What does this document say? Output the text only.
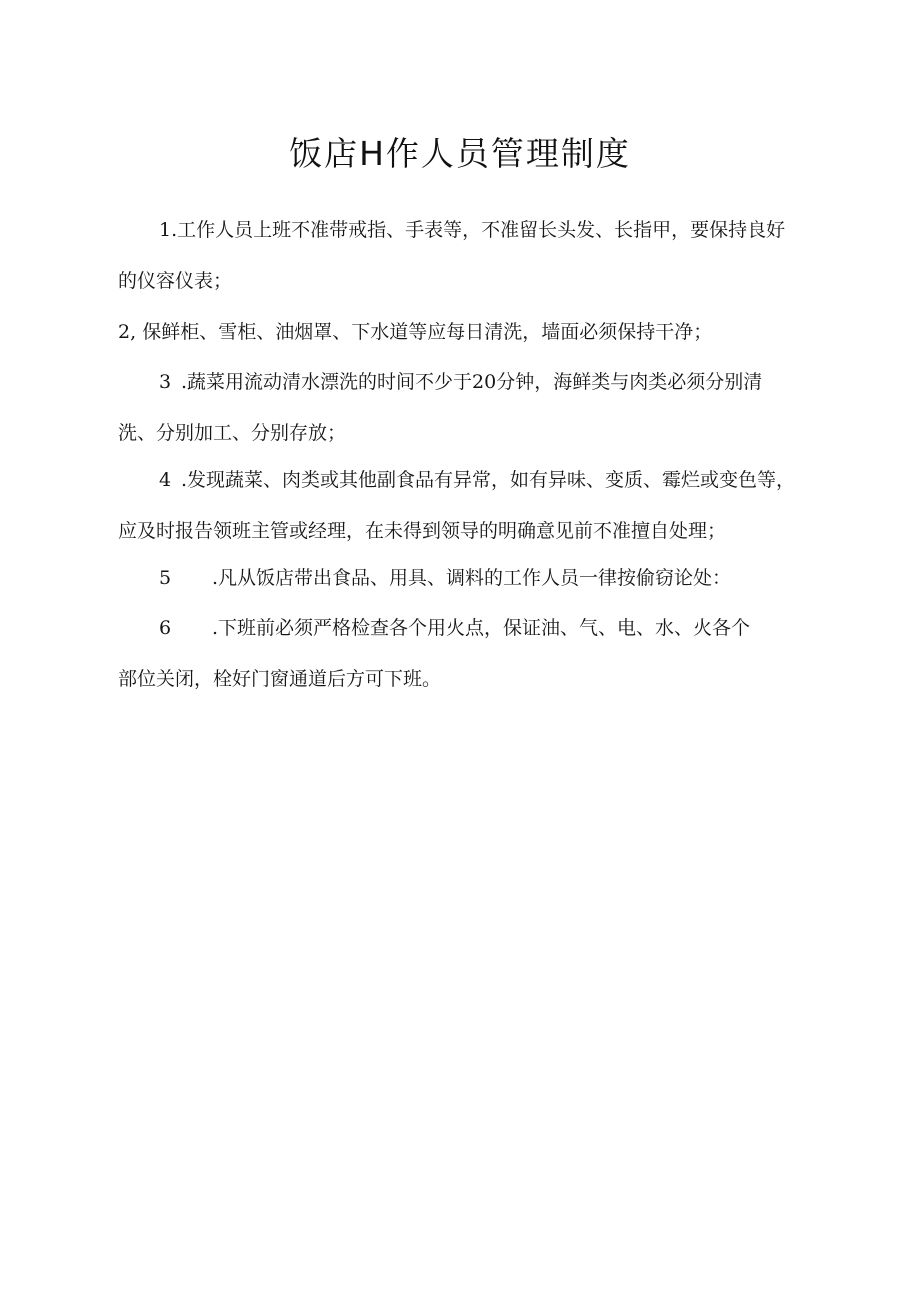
饭店H作人员管理制度
1.工作人员上班不准带戒指、手表等，不准留长头发、长指甲，要保持良好
的仪容仪表；
2, 保鲜柜、雪柜、油烟罩、下水道等应每日清洗，墙面必须保持干净；
3 .蔬菜用流动清水漂洗的时间不少于20分钟，海鲜类与肉类必须分别清
洗、分别加工、分别存放；
4 .发现蔬菜、肉类或其他副食品有异常，如有异味、变质、霉烂或变色等，
应及时报告领班主管或经理，在未得到领导的明确意见前不准擅自处理；
5 .凡从饭店带出食品、用具、调料的工作人员一律按偷窃论处：
6 .下班前必须严格检查各个用火点，保证油、气、电、水、火各个
部位关闭，栓好门窗通道后方可下班。
